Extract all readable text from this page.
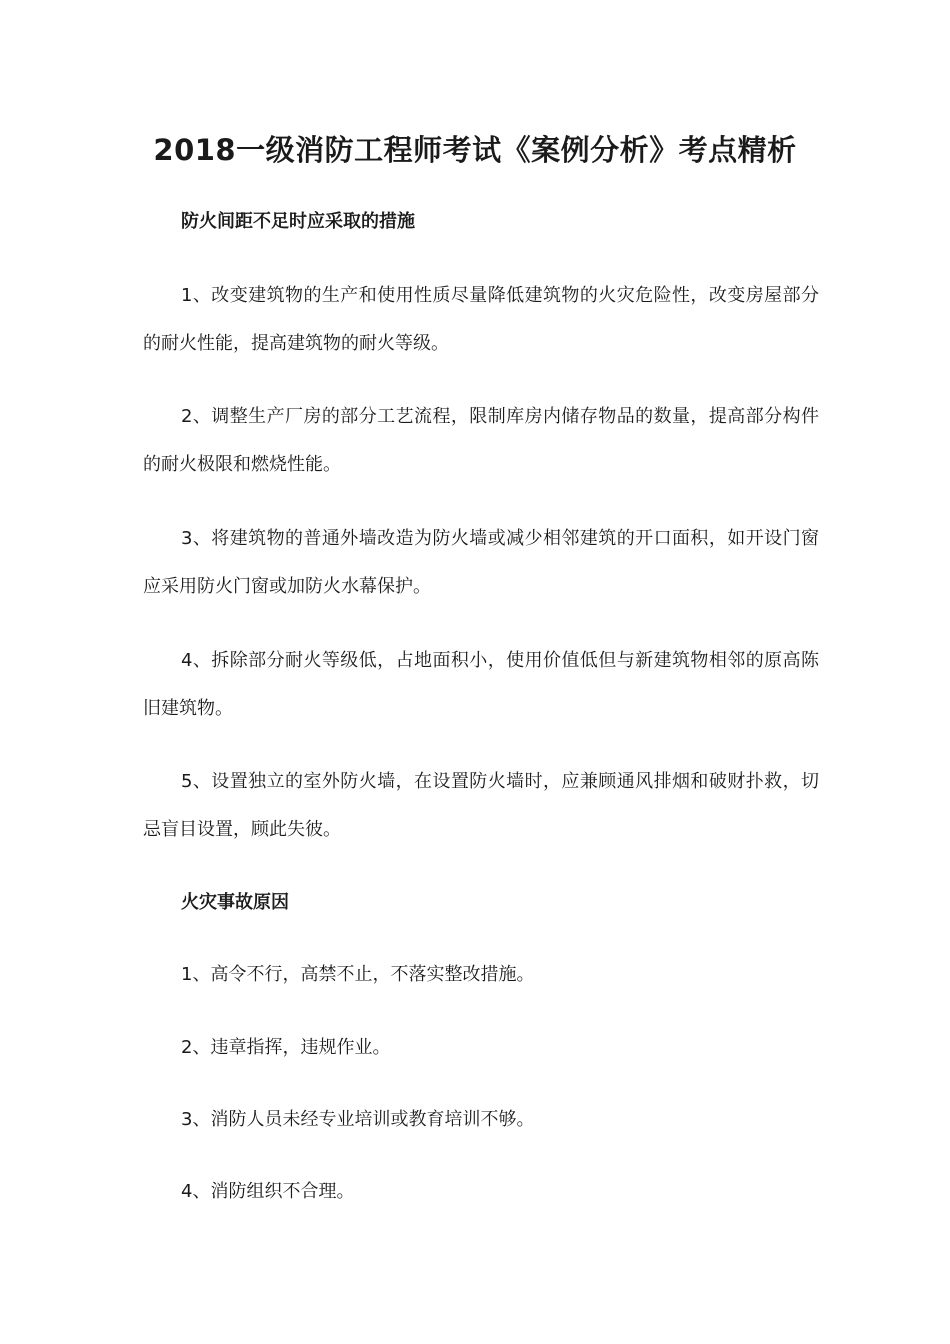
2018一级消防工程师考试《案例分析》考点精析
防火间距不足时应采取的措施

1、改变建筑物的生产和使用性质尽量降低建筑物的火灾危险性，改变房屋部分的耐火性能，提高建筑物的耐火等级。

2、调整生产厂房的部分工艺流程，限制库房内储存物品的数量，提高部分构件的耐火极限和燃烧性能。

3、将建筑物的普通外墙改造为防火墙或减少相邻建筑的开口面积，如开设门窗应采用防火门窗或加防火水幕保护。

4、拆除部分耐火等级低，占地面积小，使用价值低但与新建筑物相邻的原高陈旧建筑物。

5、设置独立的室外防火墙，在设置防火墙时，应兼顾通风排烟和破财扑救，切忌盲目设置，顾此失彼。

火灾事故原因

1、高令不行，高禁不止，不落实整改措施。

2、违章指挥，违规作业。

3、消防人员未经专业培训或教育培训不够。

4、消防组织不合理。
